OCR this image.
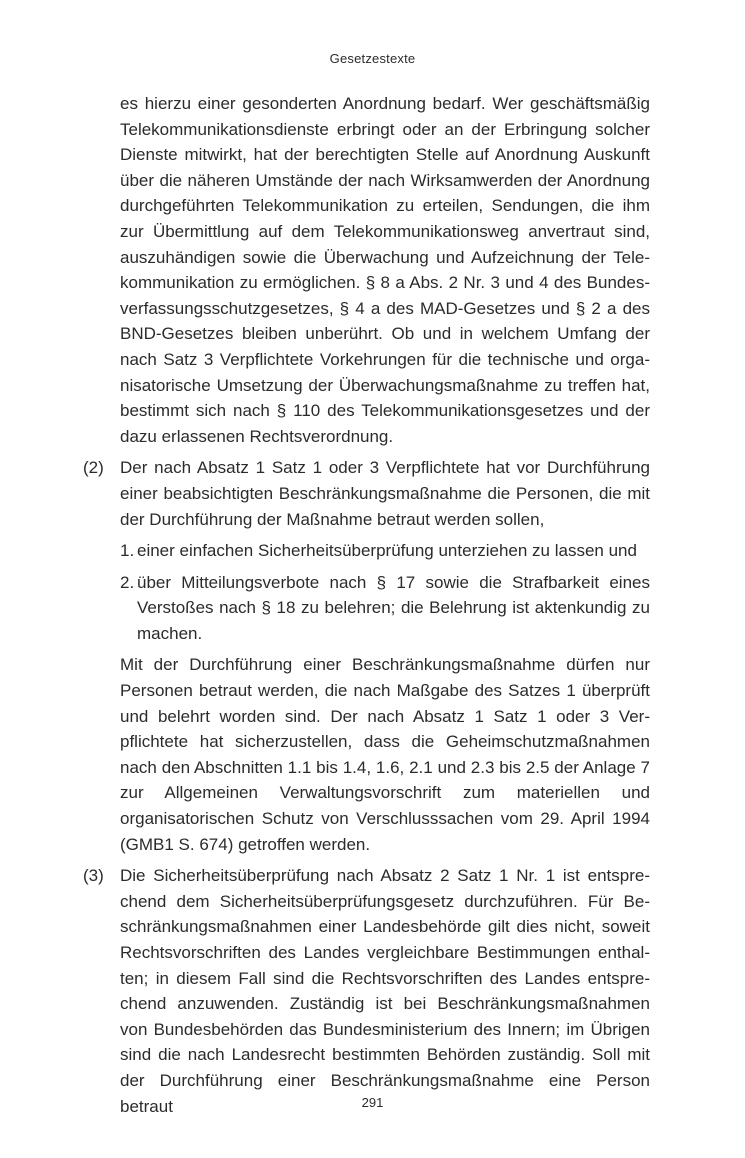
Gesetzestexte
es hierzu einer gesonderten Anordnung bedarf. Wer geschäftsmäßig Telekommunikationsdienste erbringt oder an der Erbringung solcher Dienste mitwirkt, hat der berechtigten Stelle auf Anordnung Auskunft über die näheren Umstände der nach Wirksamwerden der Anordnung durchgeführten Telekommunikation zu erteilen, Sendungen, die ihm zur Übermittlung auf dem Telekommunikationsweg anvertraut sind, auszuhändigen sowie die Überwachung und Aufzeichnung der Telekommunikation zu ermöglichen. § 8 a Abs. 2 Nr. 3 und 4 des Bundesverfassungsschutzgesetzes, § 4 a des MAD-Gesetzes und § 2 a des BND-Gesetzes bleiben unberührt. Ob und in welchem Umfang der nach Satz 3 Verpflichtete Vorkehrungen für die technische und organisatorische Umsetzung der Überwachungsmaßnahme zu treffen hat, bestimmt sich nach § 110 des Telekommunikationsgesetzes und der dazu erlassenen Rechtsverordnung.
(2) Der nach Absatz 1 Satz 1 oder 3 Verpflichtete hat vor Durchführung einer beabsichtigten Beschränkungsmaßnahme die Personen, die mit der Durchführung der Maßnahme betraut werden sollen,
1. einer einfachen Sicherheitsüberprüfung unterziehen zu lassen und
2. über Mitteilungsverbote nach § 17 sowie die Strafbarkeit eines Verstoßes nach § 18 zu belehren; die Belehrung ist aktenkundig zu machen.
Mit der Durchführung einer Beschränkungsmaßnahme dürfen nur Personen betraut werden, die nach Maßgabe des Satzes 1 überprüft und belehrt worden sind. Der nach Absatz 1 Satz 1 oder 3 Verpflichtete hat sicherzustellen, dass die Geheimschutzmaßnahmen nach den Abschnitten 1.1 bis 1.4, 1.6, 2.1 und 2.3 bis 2.5 der Anlage 7 zur Allgemeinen Verwaltungsvorschrift zum materiellen und organisatorischen Schutz von Verschlusssachen vom 29. April 1994 (GMB1 S. 674) getroffen werden.
(3) Die Sicherheitsüberprüfung nach Absatz 2 Satz 1 Nr. 1 ist entsprechend dem Sicherheitsüberprüfungsgesetz durchzuführen. Für Beschränkungsmaßnahmen einer Landesbehörde gilt dies nicht, soweit Rechtsvorschriften des Landes vergleichbare Bestimmungen enthalten; in diesem Fall sind die Rechtsvorschriften des Landes entsprechend anzuwenden. Zuständig ist bei Beschränkungsmaßnahmen von Bundesbehörden das Bundesministerium des Innern; im Übrigen sind die nach Landesrecht bestimmten Behörden zuständig. Soll mit der Durchführung einer Beschränkungsmaßnahme eine Person betraut	291
